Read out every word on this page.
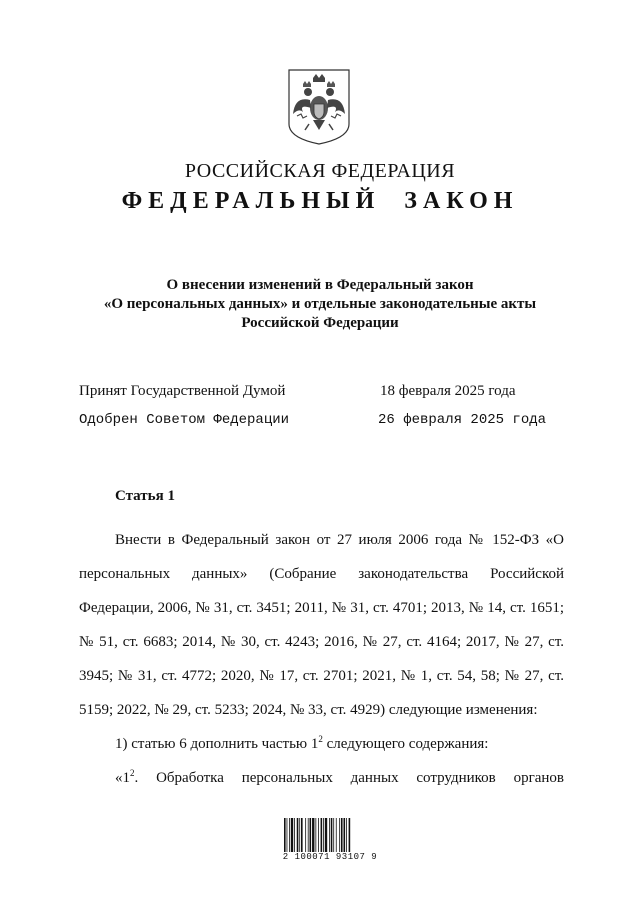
РОССИЙСКАЯ ФЕДЕРАЦИЯ
ФЕДЕРАЛЬНЫЙ ЗАКОН
О внесении изменений в Федеральный закон
«О персональных данных» и отдельные законодательные акты
Российской Федерации
Принят Государственной Думой	18 февраля 2025 года
Одобрен Советом Федерации	26 февраля 2025 года
Статья 1

Внести в Федеральный закон от 27 июля 2006 года № 152-ФЗ «О персональных данных» (Собрание законодательства Российской Федерации, 2006, № 31, ст. 3451; 2011, № 31, ст. 4701; 2013, № 14, ст. 1651; № 51, ст. 6683; 2014, № 30, ст. 4243; 2016, № 27, ст. 4164; 2017, № 27, ст. 3945; № 31, ст. 4772; 2020, № 17, ст. 2701; 2021, № 1, ст. 54, 58; № 27, ст. 5159; 2022, № 29, ст. 5233; 2024, № 33, ст. 4929) следующие изменения:

1) статью 6 дополнить частью $1^2$ следующего содержания:

«$1^2$. Обработка персональных данных сотрудников органов

2 100071 93107 9
